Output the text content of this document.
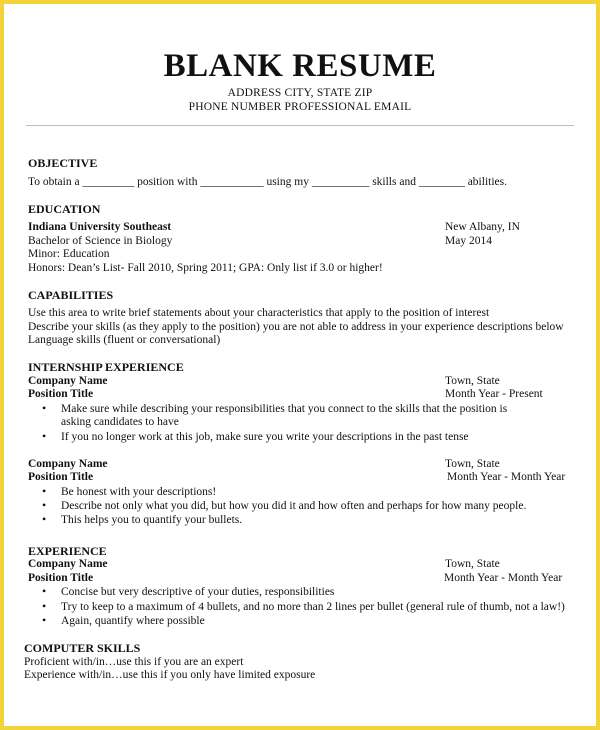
BLANK RESUME
ADDRESS CITY, STATE ZIP
PHONE NUMBER PROFESSIONAL EMAIL
OBJECTIVE
To obtain a _________ position with ___________ using my __________ skills and ________ abilities.
EDUCATION
Indiana University Southeast	New Albany, IN
Bachelor of Science in Biology	May 2014
Minor: Education
Honors: Dean’s List- Fall 2010, Spring 2011; GPA: Only list if 3.0 or higher!
CAPABILITIES
Use this area to write brief statements about your characteristics that apply to the position of interest
Describe your skills (as they apply to the position) you are not able to address in your experience descriptions below
Language skills (fluent or conversational)
INTERNSHIP EXPERIENCE
Company Name	Town, State
Position Title	Month Year - Present
• Make sure while describing your responsibilities that you connect to the skills that the position is
asking candidates to have
• If you no longer work at this job, make sure you write your descriptions in the past tense
Company Name	Town, State
Position Title	Month Year - Month Year
• Be honest with your descriptions!
• Describe not only what you did, but how you did it and how often and perhaps for how many people.
• This helps you to quantify your bullets.
EXPERIENCE
Company Name	Town, State
Position Title	Month Year - Month Year
• Concise but very descriptive of your duties, responsibilities
• Try to keep to a maximum of 4 bullets, and no more than 2 lines per bullet (general rule of thumb, not a law!)
• Again, quantify where possible
COMPUTER SKILLS
Proficient with/in…use this if you are an expert
Experience with/in…use this if you only have limited exposure
